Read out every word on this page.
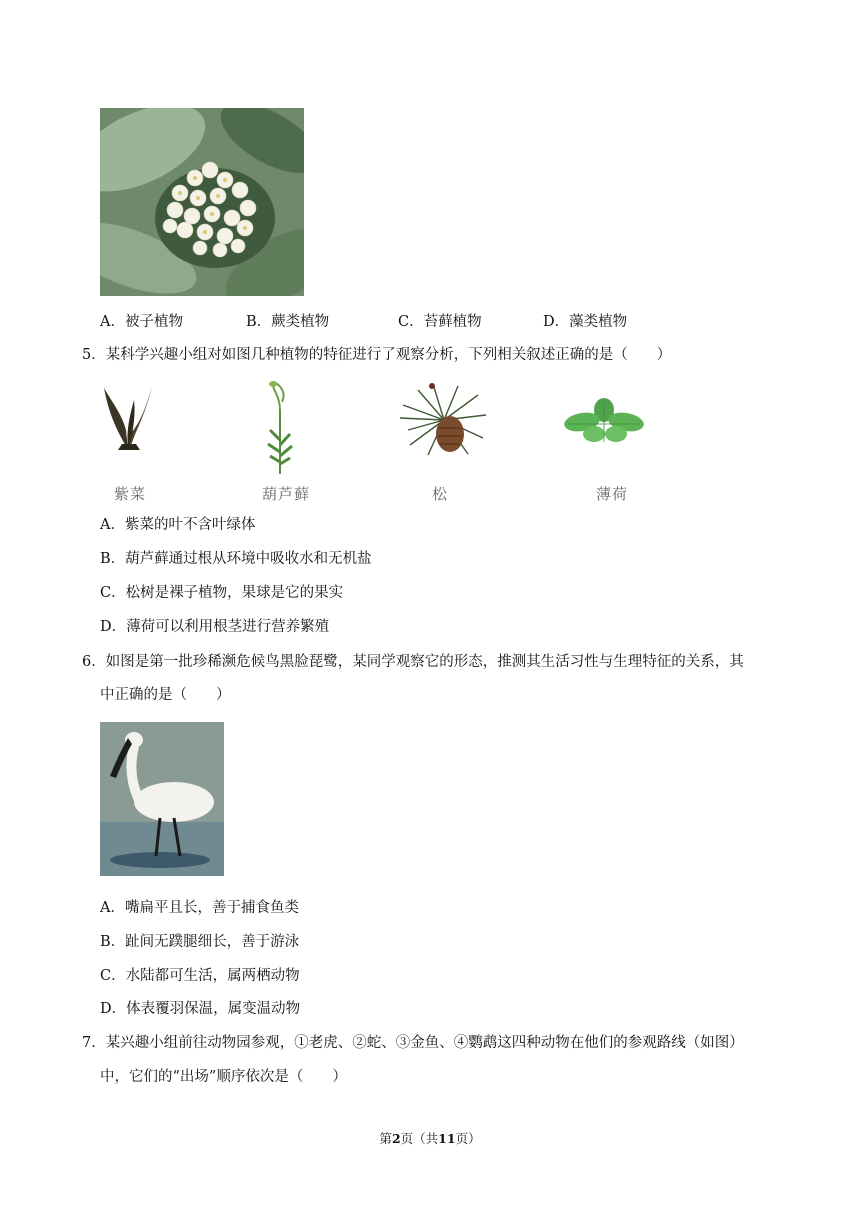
A．被子植物	B．蕨类植物	C．苔藓植物	D．藻类植物
5．某科学兴趣小组对如图几种植物的特征进行了观察分析，下列相关叙述正确的是（　　）
紫菜	葫芦藓	松	薄荷
A．紫菜的叶不含叶绿体
B．葫芦藓通过根从环境中吸收水和无机盐
C．松树是裸子植物，果球是它的果实
D．薄荷可以利用根茎进行营养繁殖
6．如图是第一批珍稀濒危候鸟黑脸琵鹭，某同学观察它的形态，推测其生活习性与生理特征的关系，其
中正确的是（　　）
A．嘴扁平且长，善于捕食鱼类
B．趾间无蹼腿细长，善于游泳
C．水陆都可生活，属两栖动物
D．体表覆羽保温，属变温动物
7．某兴趣小组前往动物园参观，①老虎、②蛇、③金鱼、④鹦鹉这四种动物在他们的参观路线（如图）
中，它们的“出场”顺序依次是（　　）
第2页（共11页）
